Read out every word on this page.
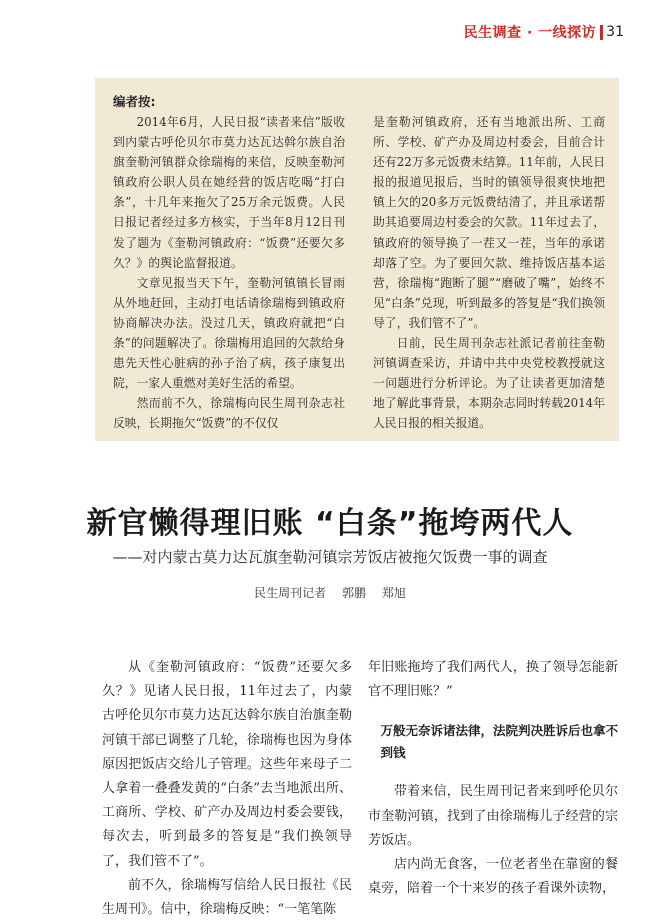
民生调查 · 一线探访 31
编者按:

2014年6月，人民日报“读者来信”版收到内蒙古呼伦贝尔市莫力达瓦达斡尔族自治旗奎勒河镇群众徐瑞梅的来信，反映奎勒河镇政府公职人员在她经营的饭店吃喝“打白条”，十几年来拖欠了25万余元饭费。人民日报记者经过多方核实，于当年8月12日刊发了题为《奎勒河镇政府：“饭费”还要欠多久？》的舆论监督报道。

文章见报当天下午，奎勒河镇镇长冒雨从外地赶回，主动打电话请徐瑞梅到镇政府协商解决办法。没过几天，镇政府就把“白条”的问题解决了。徐瑞梅用追回的欠款给身患先天性心脏病的孙子治了病，孩子康复出院，一家人重燃对美好生活的希望。

然而前不久，徐瑞梅向民生周刊杂志社反映，长期拖欠“饭费”的不仅仅

是奎勒河镇政府，还有当地派出所、工商所、学校、矿产办及周边村委会，目前合计还有22万多元饭费未结算。11年前，人民日报的报道见报后，当时的镇领导很爽快地把镇上欠的20多万元饭费结清了，并且承诺帮助其追要周边村委会的欠款。11年过去了，镇政府的领导换了一茬又一茬，当年的承诺却落了空。为了要回欠款、维持饭店基本运营，徐瑞梅“跑断了腿”“磨破了嘴”，始终不见“白条”兑现，听到最多的答复是“我们换领导了，我们管不了”。

日前，民生周刊杂志社派记者前往奎勒河镇调查采访，并请中共中央党校教授就这一问题进行分析评论。为了让读者更加清楚地了解此事背景，本期杂志同时转载2014年人民日报的相关报道。

新官懒得理旧账 “白条”拖垮两代人
——对内蒙古莫力达瓦旗奎勒河镇宗芳饭店被拖欠饭费一事的调查
民生周刊记者 郭鹏 郑旭

从《奎勒河镇政府：“饭费”还要欠多久？》见诸人民日报，11年过去了，内蒙古呼伦贝尔市莫力达瓦达斡尔族自治旗奎勒河镇干部已调整了几轮，徐瑞梅也因为身体原因把饭店交给儿子管理。这些年来母子二人拿着一叠叠发黄的“白条”去当地派出所、工商所、学校、矿产办及周边村委会要钱，每次去，听到最多的答复是“我们换领导了，我们管不了”。

前不久，徐瑞梅写信给人民日报社《民生周刊》。信中，徐瑞梅反映：“一笔笔陈

年旧账拖垮了我们两代人，换了领导怎能新官不理旧账？”

万般无奈诉诸法律，法院判决胜诉后也拿不到钱

带着来信，民生周刊记者来到呼伦贝尔市奎勒河镇，找到了由徐瑞梅儿子经营的宗芳饭店。

店内尚无食客，一位老者坐在靠窗的餐桌旁，陪着一个十来岁的孩子看课外读物，
